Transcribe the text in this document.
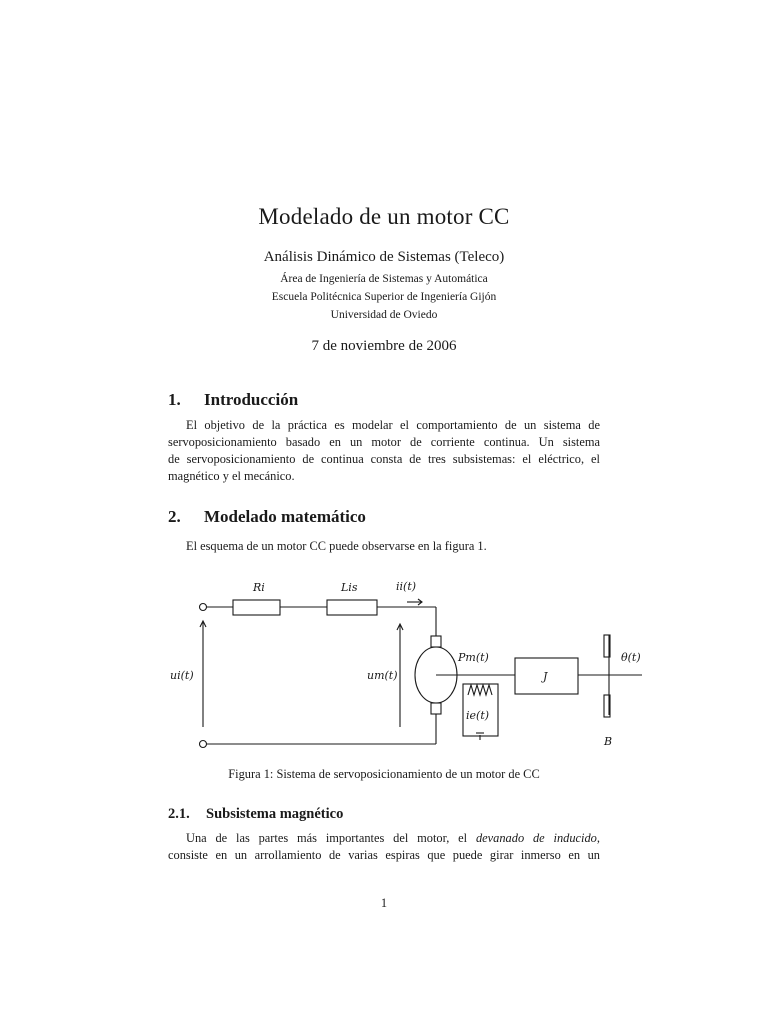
Modelado de un motor CC
Análisis Dinámico de Sistemas (Teleco)
Área de Ingeniería de Sistemas y Automática
Escuela Politécnica Superior de Ingeniería Gijón
Universidad de Oviedo
7 de noviembre de 2006
1. Introducción
El objetivo de la práctica es modelar el comportamiento de un sistema de
servoposicionamiento basado en un motor de corriente continua. Un sistema
de servoposicionamiento de continua consta de tres subsistemas: el eléctrico, el
magnético y el mecánico.
2. Modelado matemático
El esquema de un motor CC puede observarse en la figura 1.
Ri	Lis	ii(t)
ui(t)	um(t)
Pm(t)
J
θ(t)
ie(t)
B
Figura 1: Sistema de servoposicionamiento de un motor de CC
2.1. Subsistema magnético
Una de las partes más importantes del motor, el devanado de inducido,
consiste en un arrollamiento de varias espiras que puede girar inmerso en un
1
